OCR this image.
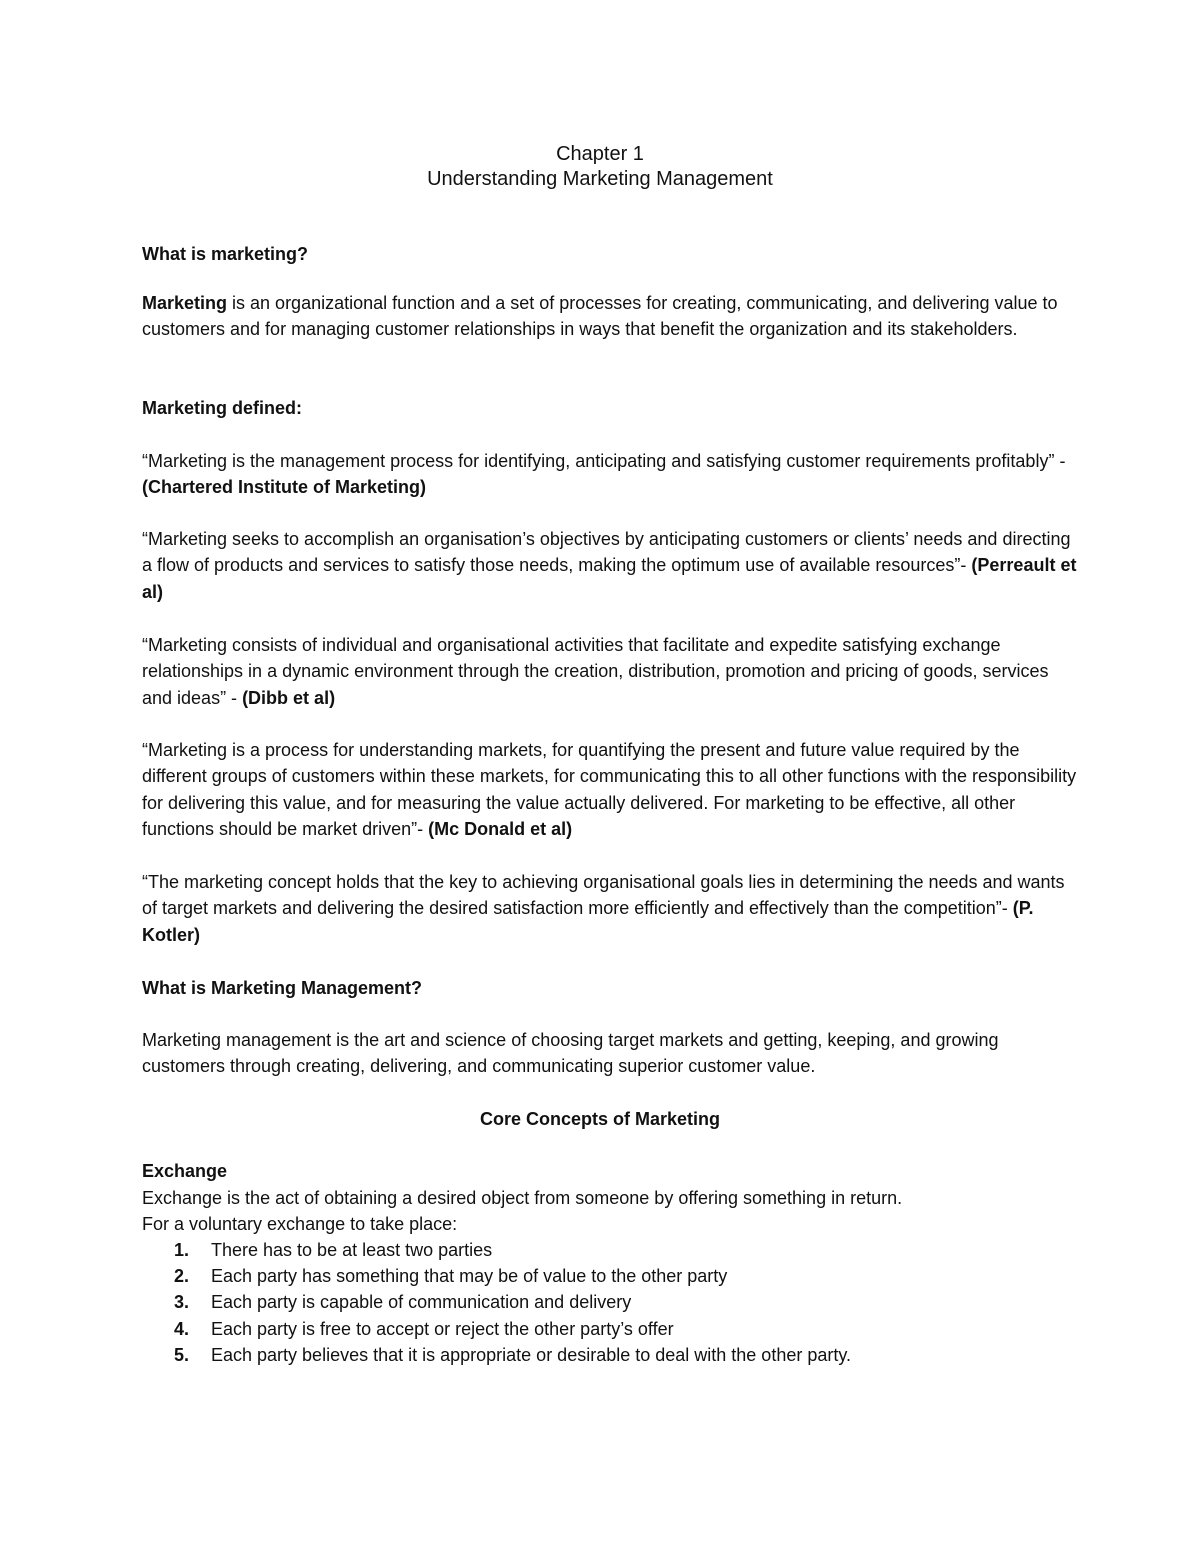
Chapter 1

Understanding Marketing Management

What is marketing?

Marketing is an organizational function and a set of processes for creating, communicating, and delivering value to customers and for managing customer relationships in ways that benefit the organization and its stakeholders.

Marketing defined:

“Marketing is the management process for identifying, anticipating and satisfying customer requirements profitably” - (Chartered Institute of Marketing)

“Marketing seeks to accomplish an organisation’s objectives by anticipating customers or clients’ needs and directing a flow of products and services to satisfy those needs, making the optimum use of available resources”- (Perreault et al)

“Marketing consists of individual and organisational activities that facilitate and expedite satisfying exchange relationships in a dynamic environment through the creation, distribution, promotion and pricing of goods, services and ideas” - (Dibb et al)

“Marketing is a process for understanding markets, for quantifying the present and future value required by the different groups of customers within these markets, for communicating this to all other functions with the responsibility for delivering this value, and for measuring the value actually delivered. For marketing to be effective, all other functions should be market driven”- (Mc Donald et al)

“The marketing concept holds that the key to achieving organisational goals lies in determining the needs and wants of target markets and delivering the desired satisfaction more efficiently and effectively than the competition”- (P. Kotler)

What is Marketing Management?

Marketing management is the art and science of choosing target markets and getting, keeping, and growing customers through creating, delivering, and communicating superior customer value.

Core Concepts of Marketing

Exchange

Exchange is the act of obtaining a desired object from someone by offering something in return.

For a voluntary exchange to take place:

1. There has to be at least two parties
2. Each party has something that may be of value to the other party
3. Each party is capable of communication and delivery
4. Each party is free to accept or reject the other party’s offer
5. Each party believes that it is appropriate or desirable to deal with the other party.
